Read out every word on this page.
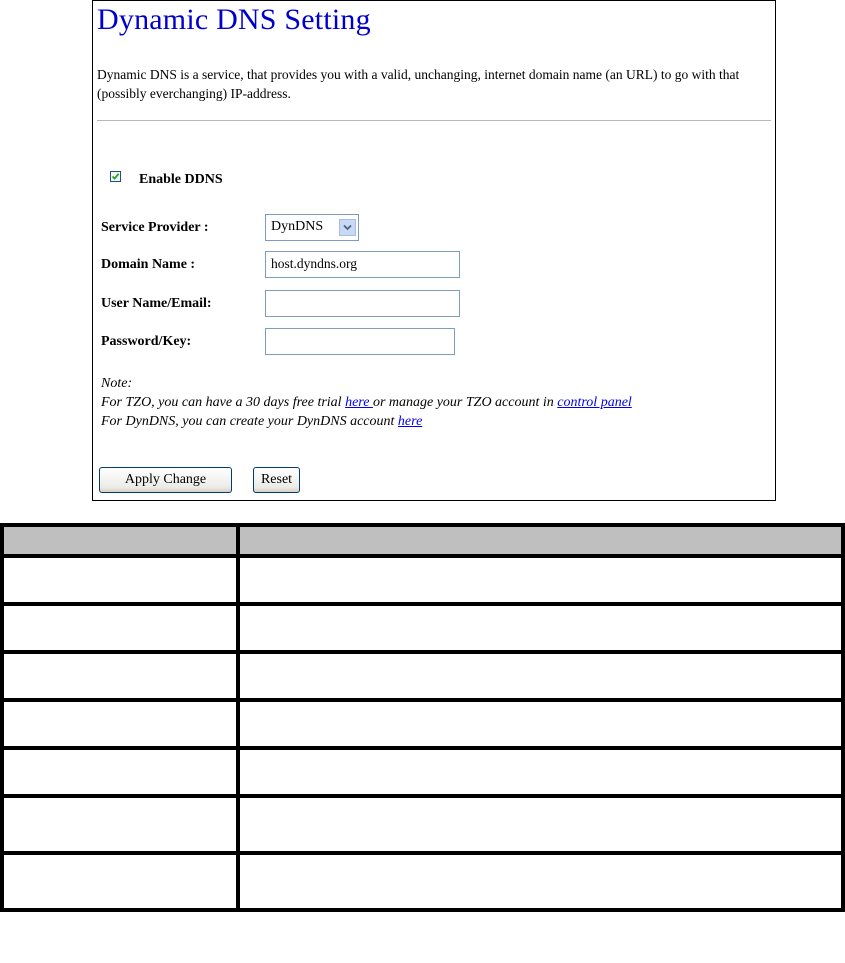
Dynamic DNS Setting
Dynamic DNS is a service, that provides you with a valid, unchanging, internet domain name (an URL) to go with that (possibly everchanging) IP-address.
Enable DDNS
Service Provider :	DynDNS
Domain Name :	host.dyndns.org
User Name/Email:
Password/Key:
Note:
For TZO, you can have a 30 days free trial here or manage your TZO account in control panel
For DynDNS, you can create your DynDNS account here
Apply Change	Reset
